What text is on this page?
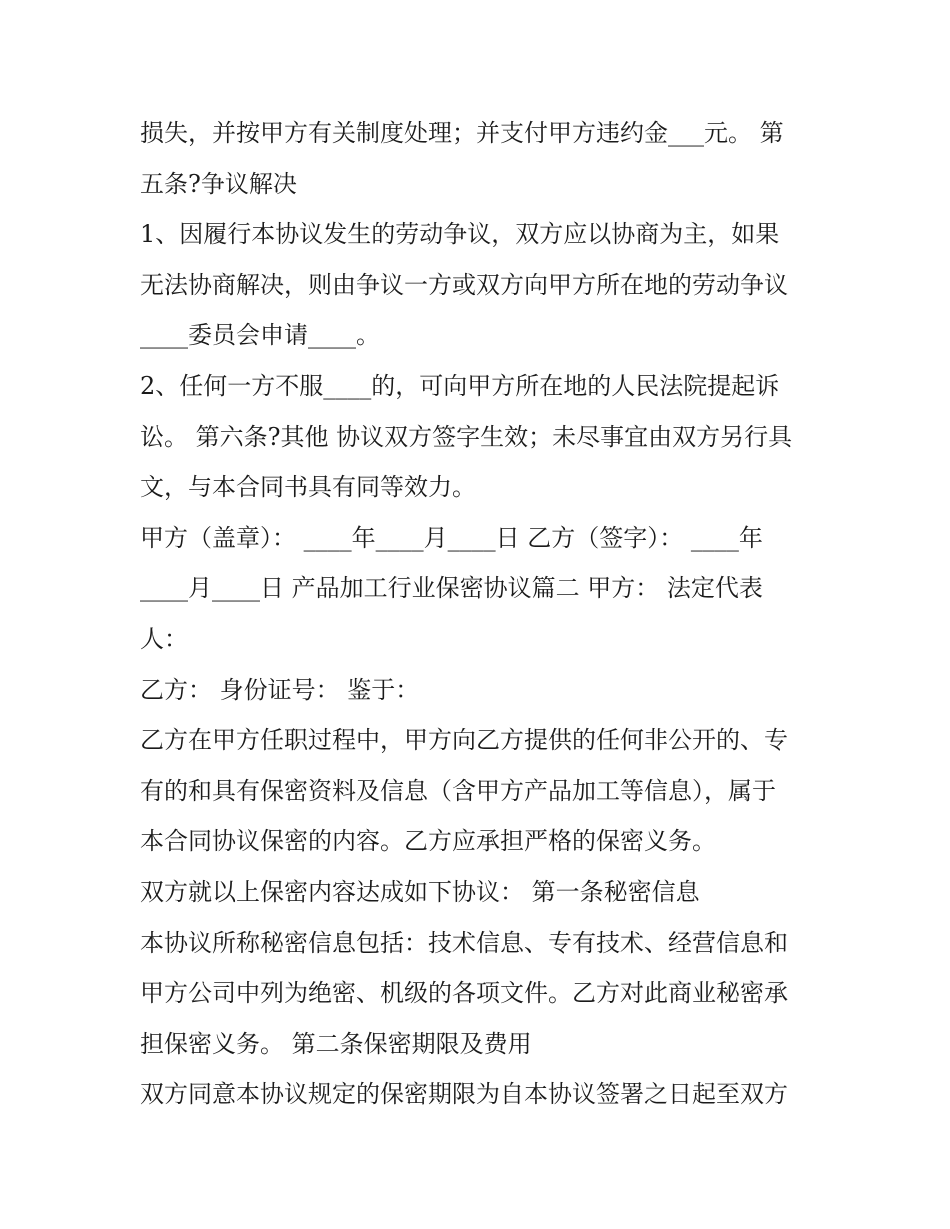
损失，并按甲方有关制度处理；并支付甲方违约金___元。 第
五条?争议解决
1、因履行本协议发生的劳动争议，双方应以协商为主，如果
无法协商解决，则由争议一方或双方向甲方所在地的劳动争议
____委员会申请____。
2、任何一方不服____的，可向甲方所在地的人民法院提起诉
讼。 第六条?其他 协议双方签字生效；未尽事宜由双方另行具
文，与本合同书具有同等效力。
甲方（盖章）： ____年____月____日 乙方（签字）： ____年
____月____日 产品加工行业保密协议篇二 甲方： 法定代表
人：
乙方： 身份证号： 鉴于：
乙方在甲方任职过程中，甲方向乙方提供的任何非公开的、专
有的和具有保密资料及信息（含甲方产品加工等信息），属于
本合同协议保密的内容。乙方应承担严格的保密义务。
双方就以上保密内容达成如下协议： 第一条秘密信息
本协议所称秘密信息包括：技术信息、专有技术、经营信息和
甲方公司中列为绝密、机级的各项文件。乙方对此商业秘密承
担保密义务。 第二条保密期限及费用
双方同意本协议规定的保密期限为自本协议签署之日起至双方
